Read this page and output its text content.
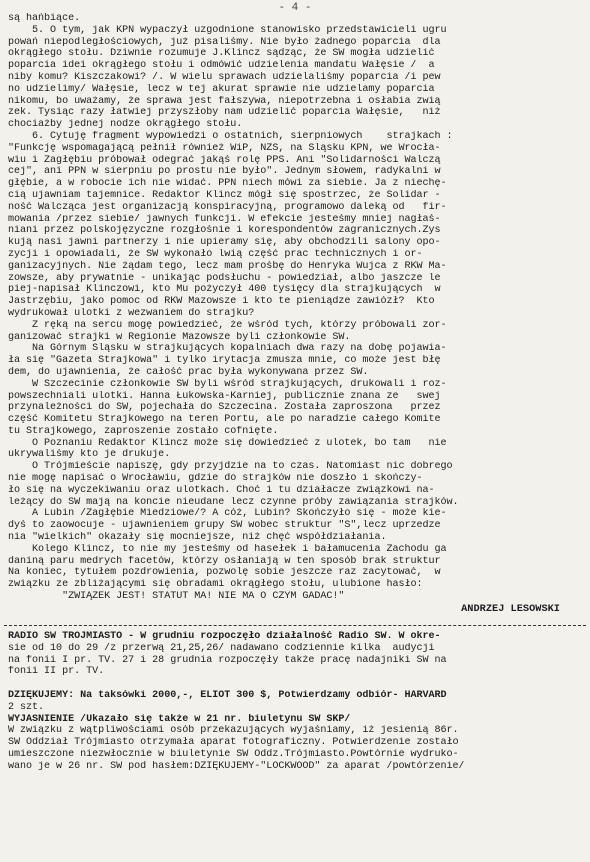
- 4 -
są hańbiące.
5. O tym, jak KPN wypaczył uzgodnione stanowisko przedstawicieli ugru
powań niepodległościowych, już pisaliśmy. Nie było żadnego poparcia  dla
okrągłego stołu. Dziwnie rozumuje J.Klincz sądząc, że SW mogła udzielić
poparcia idei okrągłego stołu i odmówić udzielenia mandatu Wałęsie /  a
niby komu? Kiszczakowi? /. W wielu sprawach udzielaliśmy poparcia /i pew
no udzielimy/ Wałęsie, lecz w tej akurat sprawie nie udzielamy poparcia
nikomu, bo uważamy, że sprawa jest fałszywa, niepotrzebna i osłabia zwią
zek. Tysiąc razy łatwiej przyszłoby nam udzielić poparcia Wałęsie,   niż
chociażby jednej nodze okrągłego stołu.
6. Cytuję fragment wypowiedzi o ostatnich, sierpniowych    strajkach :
"Funkcję wspomagającą pełnił również WiP, NZS, na Śląsku KPN, we Wrocła-
wiu i Zagłębiu próbował odegrać jakąś rolę PPS. Ani "Solidarności Walczą
cej", ani PPN w sierpniu po prostu nie było". Jednym słowem, radykalni w
głębie, a w robocie ich nie widać. PPN niech mówi za siebie. Ja z niechę-
cią ujawniam tajemnice. Redaktor Klincz mógł się spostrzec, że Solidar -
ność Walcząca jest organizacją konspiracyjną, programowo daleką od   fir-
mowania /przez siebie/ jawnych funkcji. W efekcie jesteśmy mniej nagłaś-
niani przez polskojęzyczne rozgłośnie i korespondentów zagranicznych.Zys
kują nasi jawni partnerzy i nie upieramy się, aby obchodzili salony opo-
zycji i opowiadali, że SW wykonało lwią część prac technicznych i or-
ganizacyjnych. Nie żądam tego, lecz mam prośbę do Henryka Wujca z RKW Ma-
zowsze, aby prywatnie - unikając podsłuchu - powiedział, albo jaszcze le
piej-napisał Klinczowi, kto Mu pożyczył 400 tysięcy dla strajkujących  w
Jastrzębiu, jako pomoc od RKW Mazowsze i kto te pieniądze zawiózł?  Kto
wydrukował ulotki z wezwaniem do strajku?
Z ręką na sercu mogę powiedzieć, że wśród tych, którzy próbowali zor-
ganizować strajki w Regionie Mazowsze byli członkowie SW.
Na Górnym Śląsku w strajkujących kopalniach dwa razy na dobę pojawia-
ła się "Gazeta Strajkowa" i tylko irytacja zmusza mnie, co może jest błę
dem, do ujawnienia, że całość prac była wykonywana przez SW.
W Szczecinie członkowie SW byli wśród strajkujących, drukowali i roz-
powszechniali ulotki. Hanna Łukowska-Karniej, publicznie znana ze   swej
przynależności do SW, pojechała do Szczecina. Została zaproszona   przez
część Komitetu Strajkowego na teren Portu, ale po naradzie całego Komite
tu Strajkowego, zaproszenie zostało cofnięte.
O Poznaniu Redaktor Klincz może się dowiedzieć z ulotek, bo tam   nie
ukrywaliśmy kto je drukuje.
O Trójmieście napiszę, gdy przyjdzie na to czas. Natomiast nic dobrego
nie mogę napisać o Wrocławiu, gdzie do strajków nie doszło i skończy-
ło się na wyczekiwaniu oraz ulotkach. Choć i tu działacze związkowi na-
leżący do SW mają na koncie nieudane lecz czynne próby zawiązania strajków.
A Lubin /Zagłębie Miedziowe/? A cóż, Lubin? Skończyło się - może kie-
dyś to zaowocuje - ujawnieniem grupy SW wobec struktur "S",lecz uprzedze
nia "wielkich" okazały się mocniejsze, niż chęć współdziałania.
Kolego Klincz, to nie my jesteśmy od hasełek i bałamucenia Zachodu ga
daniną paru medrych facetów, którzy osłaniają w ten sposób brak struktur
Na koniec, tytułem pozdrowienia, pozwolę sobie jeszcze raz zacytować,  w
związku ze zbliżającymi się obradami okrągłego stołu, ulubione hasło:
"ZWIĄZEK JEST! STATUT MA! NIE MA O CZYM GADAĆ!"
ANDRZEJ LESOWSKI
RADIO SW TRÓJMIASTO - W grudniu rozpoczęło działalność Radio SW. W okre-
sie od 10 do 29 /z przerwą 21,25,26/ nadawano codziennie kilka  audycji
na fonii I pr. TV. 27 i 28 grudnia rozpoczęły także pracę nadajniki SW na
fonii II pr. TV.
DZIĘKUJEMY: Na taksówki 2000,-, ELIOT 300 $, Potwierdzamy odbiór- HARVARD
2 szt.
WYJAŚNIENIE /Ukazało się także w 21 nr. biuletynu SW SKP/
W związku z wątpliwościami osób przekazujących wyjaśniamy, iż jesienią 86r.
SW Oddział Trójmiasto otrzymała aparat fotograficzny. Potwierdzenie zostało
umieszczone niezwłocznie w biuletynie SW Oddz.Trójmiasto.Powtórnie wydruko-
wano je w 26 nr. SW pod hasłem:DZIĘKUJEMY-"LOCKWOOD" za aparat /powtórzenie/
